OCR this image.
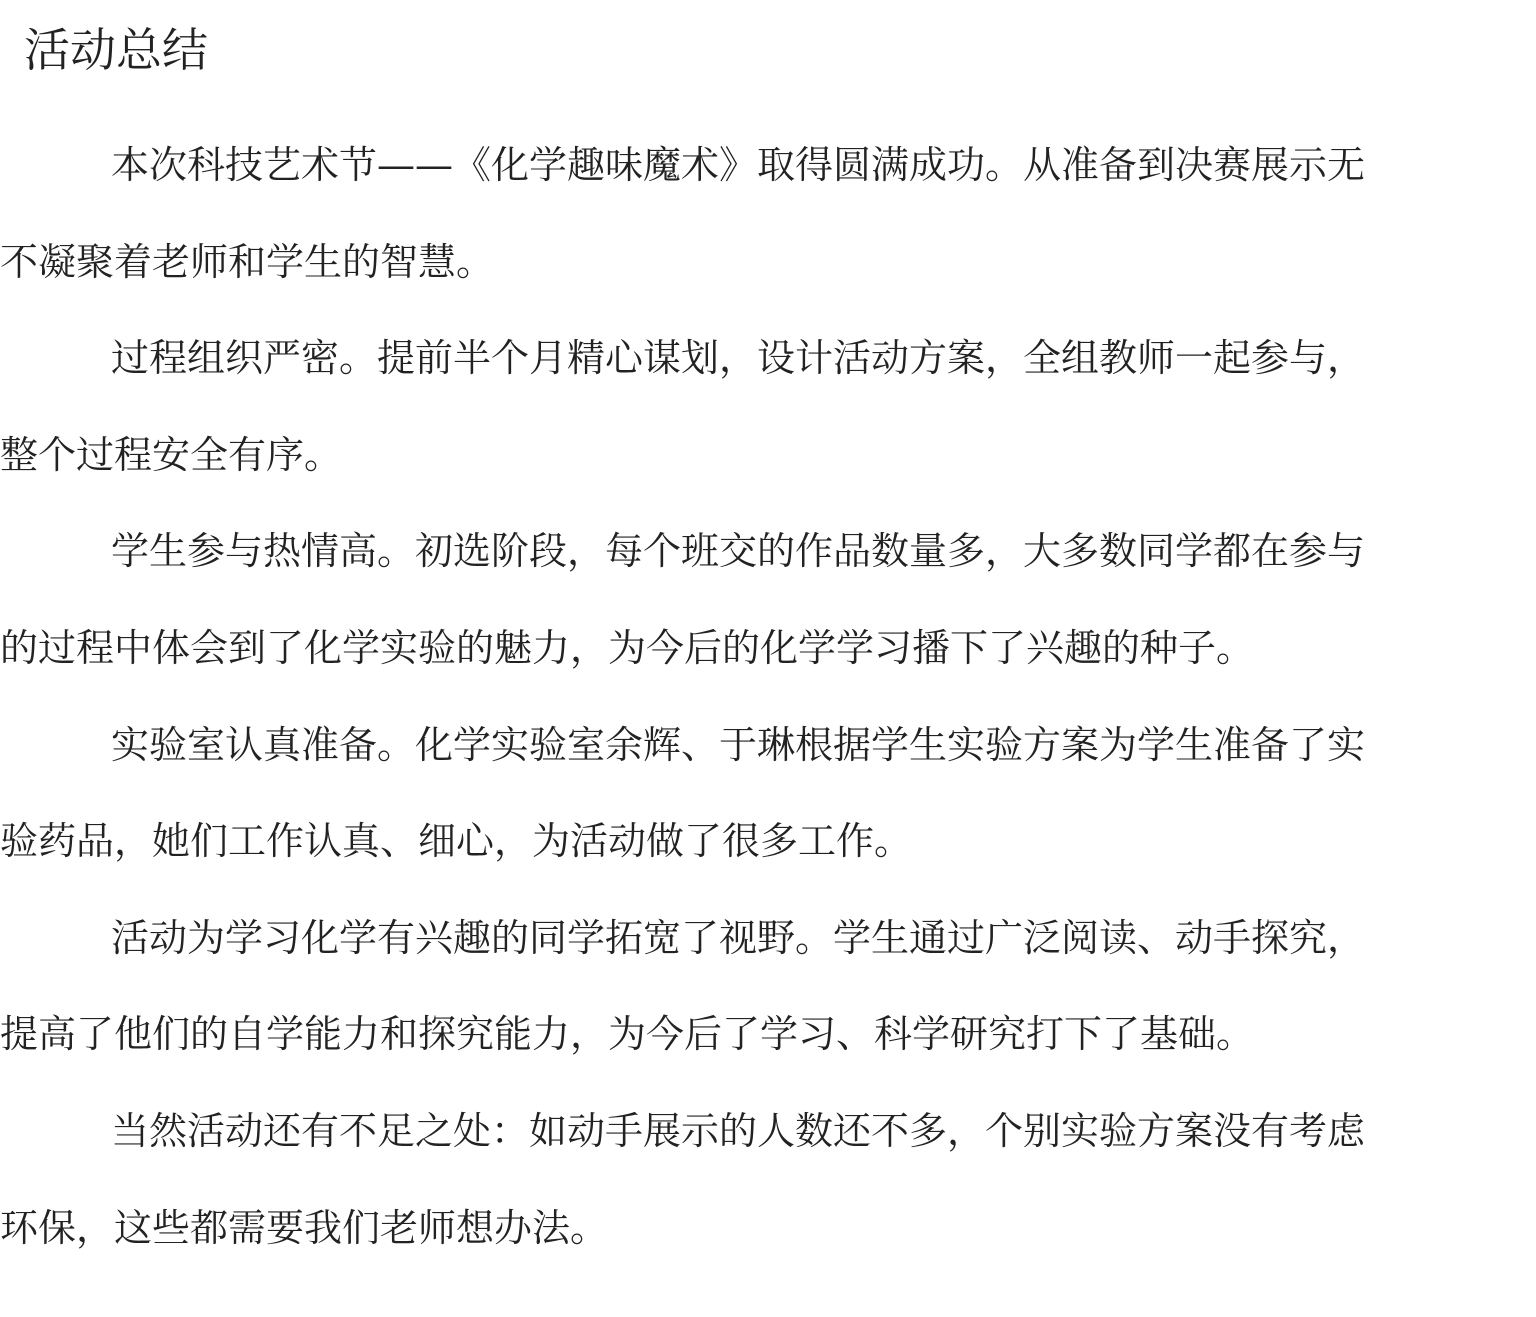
活动总结

本次科技艺术节——《化学趣味魔术》取得圆满成功。从准备到决赛展示无
不凝聚着老师和学生的智慧。

过程组织严密。提前半个月精心谋划，设计活动方案，全组教师一起参与，
整个过程安全有序。

学生参与热情高。初选阶段，每个班交的作品数量多，大多数同学都在参与
的过程中体会到了化学实验的魅力，为今后的化学学习播下了兴趣的种子。

实验室认真准备。化学实验室余辉、于琳根据学生实验方案为学生准备了实
验药品，她们工作认真、细心，为活动做了很多工作。

活动为学习化学有兴趣的同学拓宽了视野。学生通过广泛阅读、动手探究，
提高了他们的自学能力和探究能力，为今后了学习、科学研究打下了基础。

当然活动还有不足之处：如动手展示的人数还不多，个别实验方案没有考虑
环保，这些都需要我们老师想办法。
